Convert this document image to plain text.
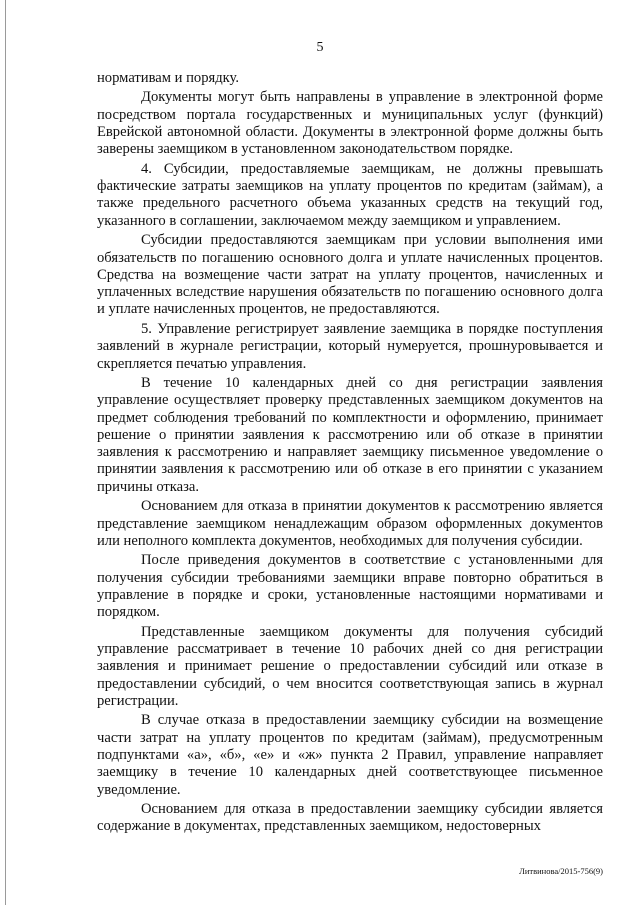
5

нормативам и порядку.

Документы могут быть направлены в управление в электронной форме посредством портала государственных и муниципальных услуг (функций) Еврейской автономной области. Документы в электронной форме должны быть заверены заемщиком в установленном законодательством порядке.

4. Субсидии, предоставляемые заемщикам, не должны превышать фактические затраты заемщиков на уплату процентов по кредитам (займам), а также предельного расчетного объема указанных средств на текущий год, указанного в соглашении, заключаемом между заемщиком и управлением.

Субсидии предоставляются заемщикам при условии выполнения ими обязательств по погашению основного долга и уплате начисленных процентов. Средства на возмещение части затрат на уплату процентов, начисленных и уплаченных вследствие нарушения обязательств по погашению основного долга и уплате начисленных процентов, не предоставляются.

5. Управление регистрирует заявление заемщика в порядке поступления заявлений в журнале регистрации, который нумеруется, прошнуровывается и скрепляется печатью управления.

В течение 10 календарных дней со дня регистрации заявления управление осуществляет проверку представленных заемщиком документов на предмет соблюдения требований по комплектности и оформлению, принимает решение о принятии заявления к рассмотрению или об отказе в принятии заявления к рассмотрению и направляет заемщику письменное уведомление о принятии заявления к рассмотрению или об отказе в его принятии с указанием причины отказа.

Основанием для отказа в принятии документов к рассмотрению является представление заемщиком ненадлежащим образом оформленных документов или неполного комплекта документов, необходимых для получения субсидии.

После приведения документов в соответствие с установленными для получения субсидии требованиями заемщики вправе повторно обратиться в управление в порядке и сроки, установленные настоящими нормативами и порядком.

Представленные заемщиком документы для получения субсидий управление рассматривает в течение 10 рабочих дней со дня регистрации заявления и принимает решение о предоставлении субсидий или отказе в предоставлении субсидий, о чем вносится соответствующая запись в журнал регистрации.

В случае отказа в предоставлении заемщику субсидии на возмещение части затрат на уплату процентов по кредитам (займам), предусмотренным подпунктами «а», «б», «е» и «ж» пункта 2 Правил, управление направляет заемщику в течение 10 календарных дней соответствующее письменное уведомление.

Основанием для отказа в предоставлении заемщику субсидии является содержание в документах, представленных заемщиком, недостоверных

Литвинова/2015-756(9)
